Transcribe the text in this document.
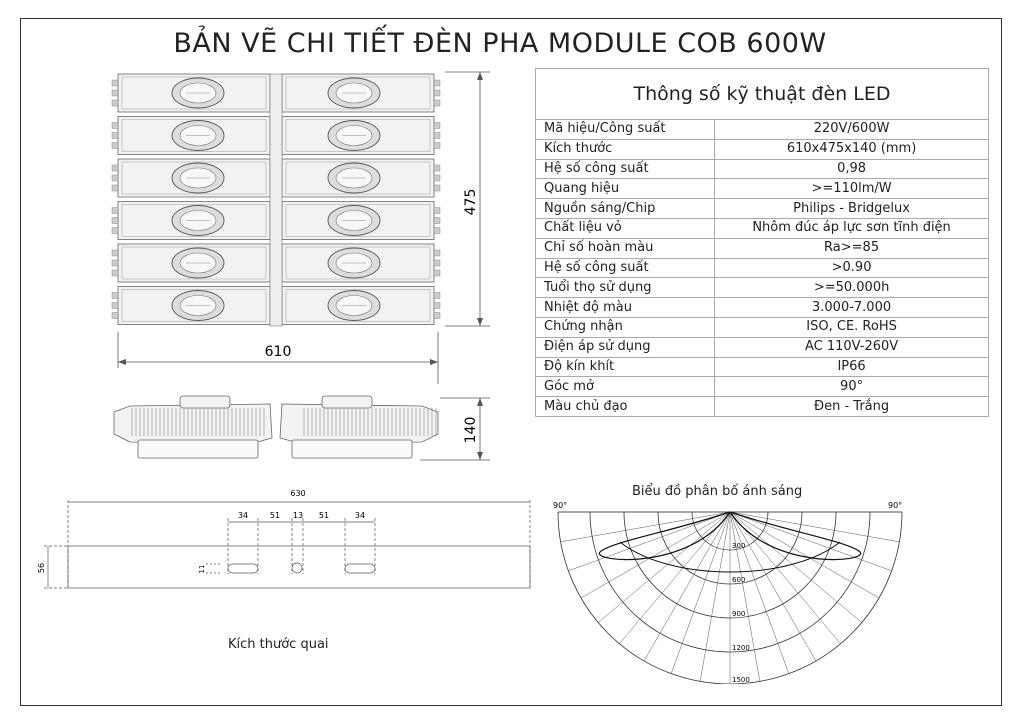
BẢN VẼ CHI TIẾT ĐÈN PHA MODULE COB 600W
Thông số kỹ thuật đèn LED	
Mã hiệu/Công suất	220V/600W
Kích thước	610x475x140 (mm)
Hệ số công suất	0,98
Quang hiệu	>=110lm/W
Nguồn sáng/Chip	Philips - Bridgelux
Chất liệu vỏ	Nhôm đúc áp lực sơn tĩnh điện
Chỉ số hoàn màu	Ra>=85
Hệ số công suất	>0.90
Tuổi thọ sử dụng	>=50.000h
Nhiệt độ màu	3.000-7.000
Chứng nhận	ISO, CE. RoHS
Điện áp sử dụng	AC 110V-260V
Độ kín khít	IP66
Góc mở	90°
Màu chủ đạo	Đen - Trắng
475
610
140
630
56
34	51 13 51	34
11
Kích thước quai
Biểu đồ phân bố ánh sáng
90°	90°
300
600
900
1200
1500
